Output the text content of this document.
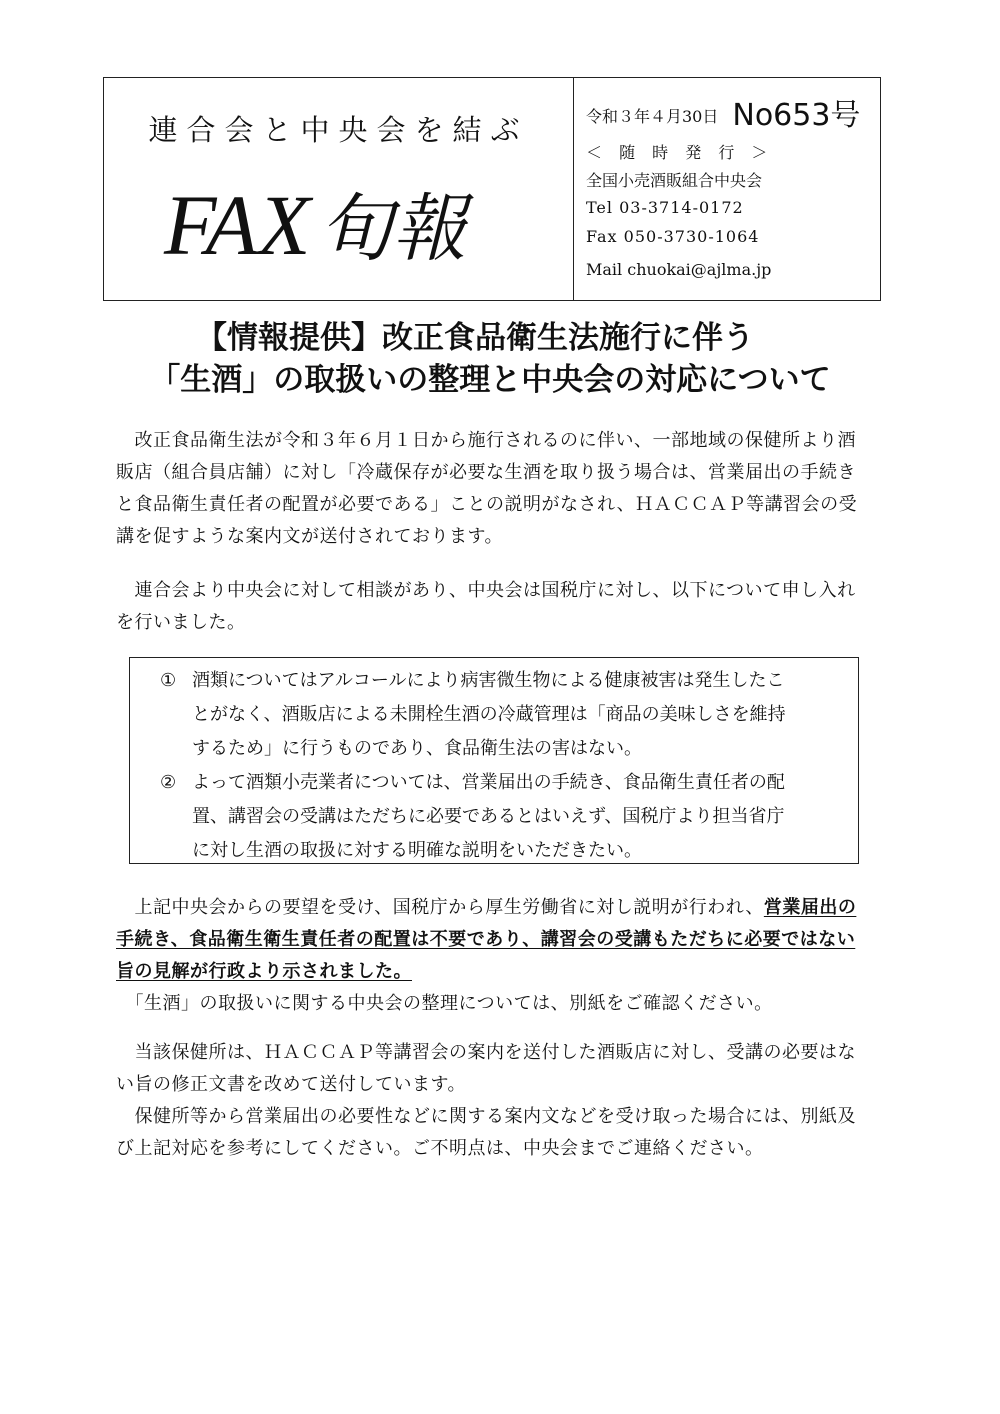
連合会と中央会を結ぶ
FAX 旬報
令和３年４月30日 No653号
＜ 随 時 発 行 ＞
全国小売酒販組合中央会
Tel 03-3714-0172
Fax 050-3730-1064
Mail chuokai@ajlma.jp
【情報提供】改正食品衛生法施行に伴う
「生酒」の取扱いの整理と中央会の対応について
　改正食品衛生法が令和３年６月１日から施行されるのに伴い、一部地域の保健所より酒
販店（組合員店舗）に対し「冷蔵保存が必要な生酒を取り扱う場合は、営業届出の手続き
と食品衛生責任者の配置が必要である」ことの説明がなされ、ＨＡＣＣＡＰ等講習会の受
講を促すような案内文が送付されております。
　連合会より中央会に対して相談があり、中央会は国税庁に対し、以下について申し入れ
を行いました。
① 酒類についてはアルコールにより病害微生物による健康被害は発生したこ
とがなく、酒販店による未開栓生酒の冷蔵管理は「商品の美味しさを維持
するため」に行うものであり、食品衛生法の害はない。
② よって酒類小売業者については、営業届出の手続き、食品衛生責任者の配
置、講習会の受講はただちに必要であるとはいえず、国税庁より担当省庁
に対し生酒の取扱に対する明確な説明をいただきたい。
　上記中央会からの要望を受け、国税庁から厚生労働省に対し説明が行われ、営業届出の
手続き、食品衛生衛生責任者の配置は不要であり、講習会の受講もただちに必要ではない
旨の見解が行政より示されました。
　「生酒」の取扱いに関する中央会の整理については、別紙をご確認ください。
　当該保健所は、ＨＡＣＣＡＰ等講習会の案内を送付した酒販店に対し、受講の必要はな
い旨の修正文書を改めて送付しています。
　保健所等から営業届出の必要性などに関する案内文などを受け取った場合には、別紙及
び上記対応を参考にしてください。ご不明点は、中央会までご連絡ください。
